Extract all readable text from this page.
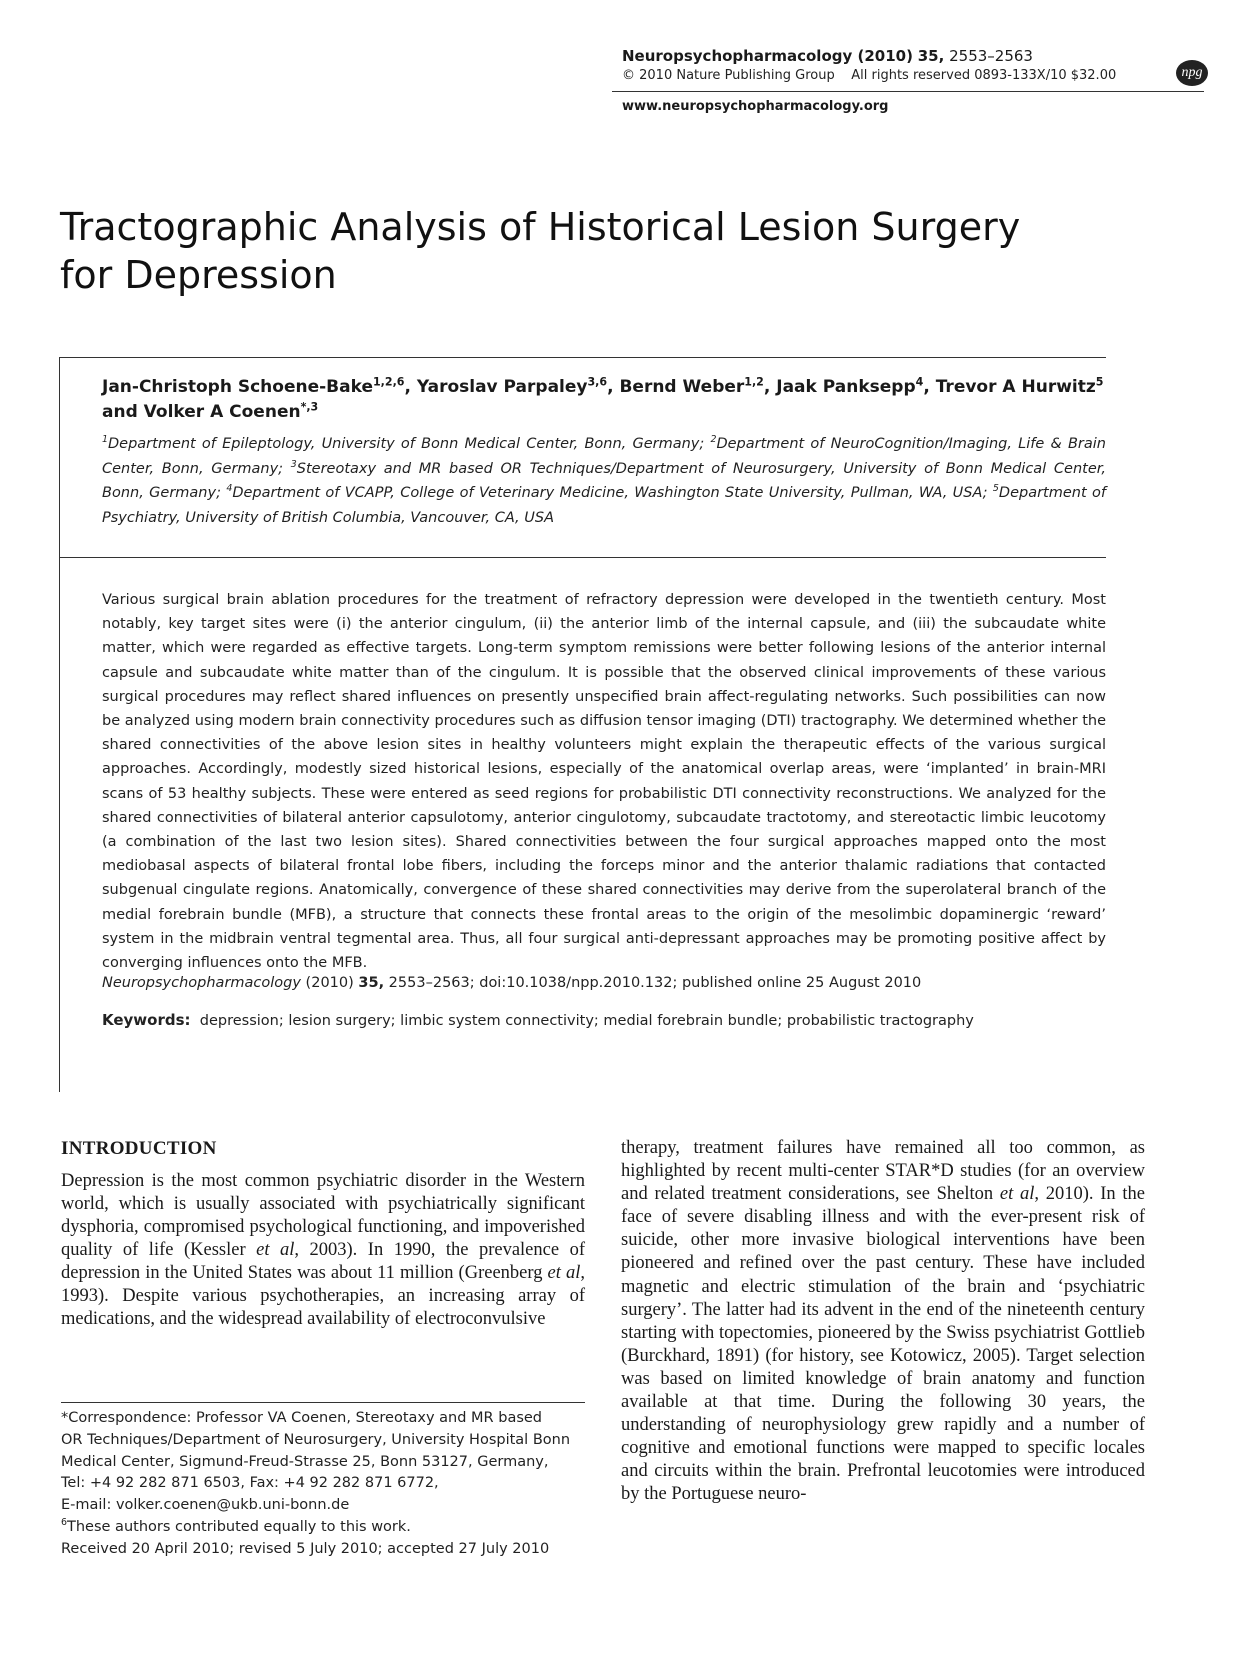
Neuropsychopharmacology (2010) 35, 2553–2563
© 2010 Nature Publishing Group All rights reserved 0893-133X/10 $32.00
www.neuropsychopharmacology.org
npg
Tractographic Analysis of Historical Lesion Surgery
for Depression
Jan-Christoph Schoene-Bake$^{1,2,6}$, Yaroslav Parpaley$^{3,6}$, Bernd Weber$^{1,2}$, Jaak Panksepp$^4$, Trevor A Hurwitz$^5$
and Volker A Coenen$^{*,3}$
$^1$Department of Epileptology, University of Bonn Medical Center, Bonn, Germany; $^2$Department of NeuroCognition/Imaging, Life & Brain Center, Bonn, Germany; $^3$Stereotaxy and MR based OR Techniques/Department of Neurosurgery, University of Bonn Medical Center, Bonn, Germany; $^4$Department of VCAPP, College of Veterinary Medicine, Washington State University, Pullman, WA, USA; $^5$Department of Psychiatry, University of British Columbia, Vancouver, CA, USA
Various surgical brain ablation procedures for the treatment of refractory depression were developed in the twentieth century. Most notably, key target sites were (i) the anterior cingulum, (ii) the anterior limb of the internal capsule, and (iii) the subcaudate white matter, which were regarded as effective targets. Long-term symptom remissions were better following lesions of the anterior internal capsule and subcaudate white matter than of the cingulum. It is possible that the observed clinical improvements of these various surgical procedures may reflect shared influences on presently unspecified brain affect-regulating networks. Such possibilities can now be analyzed using modern brain connectivity procedures such as diffusion tensor imaging (DTI) tractography. We determined whether the shared connectivities of the above lesion sites in healthy volunteers might explain the therapeutic effects of the various surgical approaches. Accordingly, modestly sized historical lesions, especially of the anatomical overlap areas, were ‘implanted’ in brain-MRI scans of 53 healthy subjects. These were entered as seed regions for probabilistic DTI connectivity reconstructions. We analyzed for the shared connectivities of bilateral anterior capsulotomy, anterior cingulotomy, subcaudate tractotomy, and stereotactic limbic leucotomy (a combination of the last two lesion sites). Shared connectivities between the four surgical approaches mapped onto the most mediobasal aspects of bilateral frontal lobe fibers, including the forceps minor and the anterior thalamic radiations that contacted subgenual cingulate regions. Anatomically, convergence of these shared connectivities may derive from the superolateral branch of the medial forebrain bundle (MFB), a structure that connects these frontal areas to the origin of the mesolimbic dopaminergic ‘reward’ system in the midbrain ventral tegmental area. Thus, all four surgical anti-depressant approaches may be promoting positive affect by converging influences onto the MFB.
Neuropsychopharmacology (2010) 35, 2553–2563; doi:10.1038/npp.2010.132; published online 25 August 2010
Keywords: depression; lesion surgery; limbic system connectivity; medial forebrain bundle; probabilistic tractography
INTRODUCTION
Depression is the most common psychiatric disorder in the Western world, which is usually associated with psychiatrically significant dysphoria, compromised psychological functioning, and impoverished quality of life (Kessler et al, 2003). In 1990, the prevalence of depression in the United States was about 11 million (Greenberg et al, 1993). Despite various psychotherapies, an increasing array of medications, and the widespread availability of electroconvulsive
therapy, treatment failures have remained all too common, as highlighted by recent multi-center STAR*D studies (for an overview and related treatment considerations, see Shelton et al, 2010). In the face of severe disabling illness and with the ever-present risk of suicide, other more invasive biological interventions have been pioneered and refined over the past century. These have included magnetic and electric stimulation of the brain and ‘psychiatric surgery’. The latter had its advent in the end of the nineteenth century starting with topectomies, pioneered by the Swiss psychiatrist Gottlieb (Burckhard, 1891) (for history, see Kotowicz, 2005). Target selection was based on limited knowledge of brain anatomy and function available at that time. During the following 30 years, the understanding of neurophysiology grew rapidly and a number of cognitive and emotional functions were mapped to specific locales and circuits within the brain. Prefrontal leucotomies were introduced by the Portuguese neuro-
*Correspondence: Professor VA Coenen, Stereotaxy and MR based
OR Techniques/Department of Neurosurgery, University Hospital Bonn
Medical Center, Sigmund-Freud-Strasse 25, Bonn 53127, Germany,
Tel: +4 92 282 871 6503, Fax: +4 92 282 871 6772,
E-mail: volker.coenen@ukb.uni-bonn.de
$^6$These authors contributed equally to this work.
Received 20 April 2010; revised 5 July 2010; accepted 27 July 2010
